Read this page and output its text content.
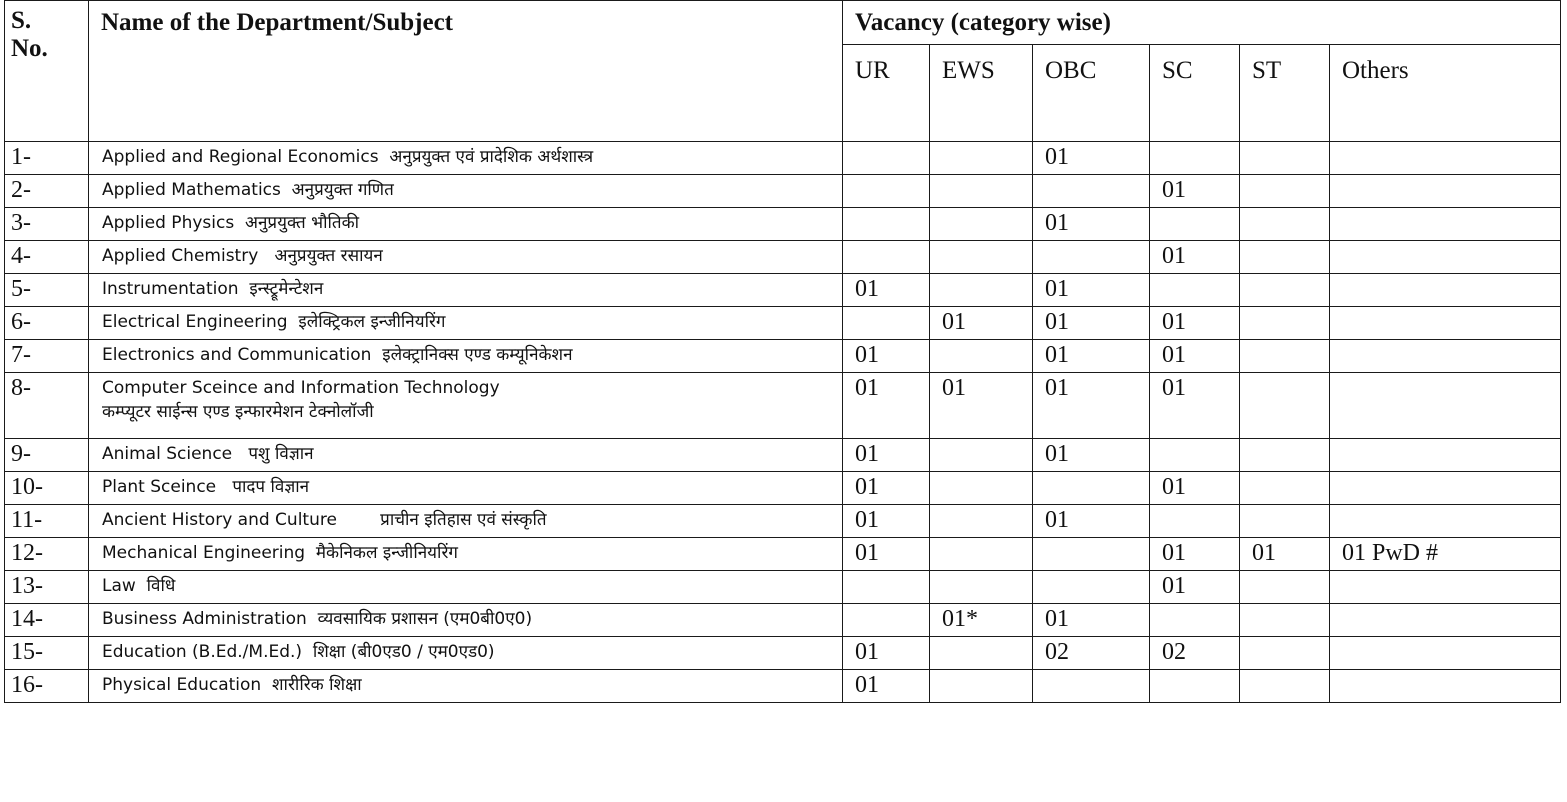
S.
No.	Name of the Department/Subject	Vacancy (category wise)					
		UR	EWS	OBC	SC	ST	Others
1-	Applied and Regional Economics  अनुप्रयुक्त एवं प्रादेशिक अर्थशास्त्र			01			
2-	Applied Mathematics  अनुप्रयुक्त गणित				01		
3-	Applied Physics  अनुप्रयुक्त भौतिकी			01			
4-	Applied Chemistry   अनुप्रयुक्त रसायन				01		
5-	Instrumentation  इन्स्ट्रूमेन्टेशन	01		01			
6-	Electrical Engineering  इलेक्ट्रिकल इन्जीनियरिंग		01	01	01		
7-	Electronics and Communication  इलेक्ट्रानिक्स एण्ड कम्यूनिकेशन	01		01	01		
8-	Computer Sceince and Information Technology
कम्प्यूटर साईन्स एण्ड इन्फारमेशन टेक्नोलॉजी	01	01	01	01		
9-	Animal Science   पशु विज्ञान	01		01			
10-	Plant Sceince   पादप विज्ञान	01			01		
11-	Ancient History and Culture        प्राचीन इतिहास एवं संस्कृति	01		01			
12-	Mechanical Engineering  मैकेनिकल इन्जीनियरिंग	01			01	01	01 PwD #
13-	Law  विधि				01		
14-	Business Administration  व्यवसायिक प्रशासन (एम0बी0ए0)		01*	01			
15-	Education (B.Ed./M.Ed.)  शिक्षा (बी0एड0 / एम0एड0)	01		02	02		
16-	Physical Education  शारीरिक शिक्षा	01					
